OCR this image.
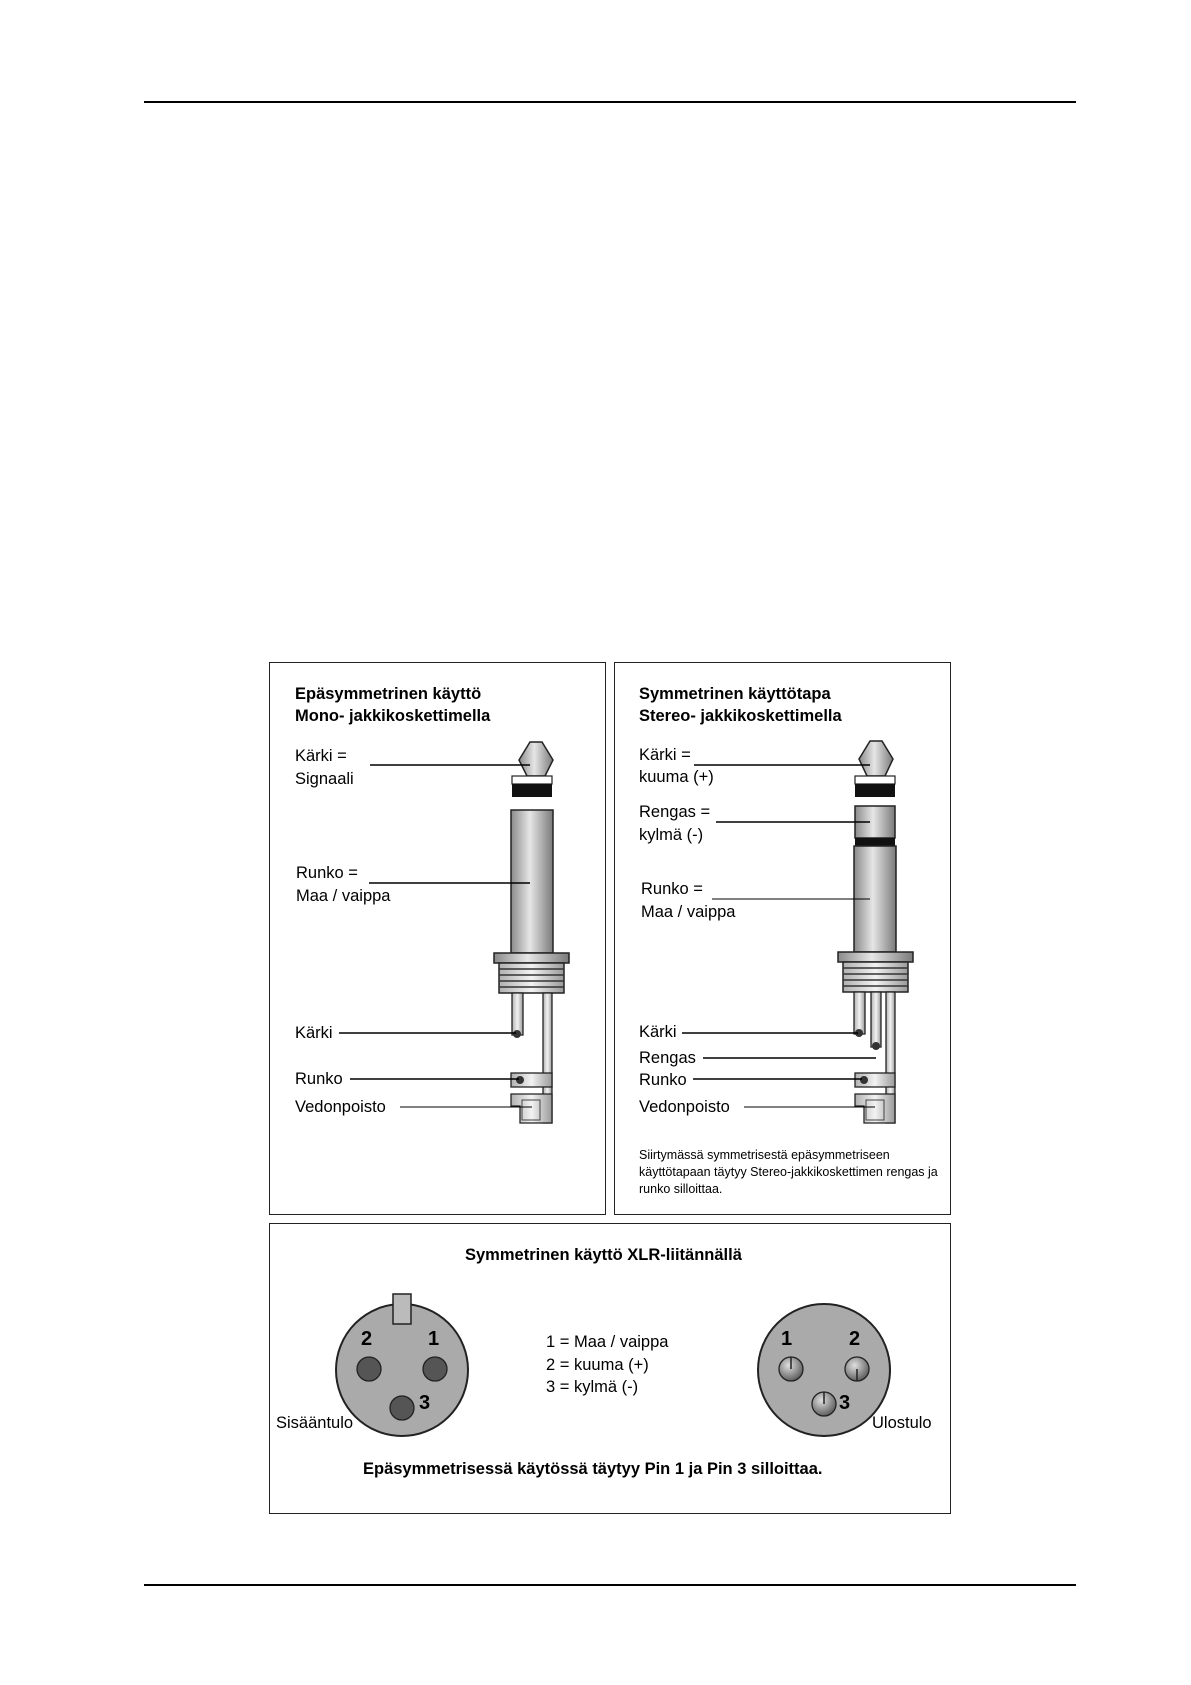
Epäsymmetrinen käyttö
Mono- jakkikoskettimella
Kärki =
Signaali
Runko =
Maa / vaippa
Kärki
Runko
Vedonpoisto
Symmetrinen käyttötapa
Stereo- jakkikoskettimella
Kärki =
kuuma (+)
Rengas =
kylmä (-)
Runko =
Maa / vaippa
Kärki
Rengas
Runko
Vedonpoisto
Siirtymässä symmetrisestä epäsymmetriseen käyttötapaan täytyy Stereo-jakkikoskettimen rengas ja runko silloittaa.
Symmetrinen käyttö XLR-liitännällä
1 = Maa / vaippa
2 = kuuma (+)
3 = kylmä (-)
Sisääntulo	Ulostulo
Epäsymmetrisessä käytössä täytyy Pin 1 ja Pin 3 silloittaa.
2	1
3
1	2
3
